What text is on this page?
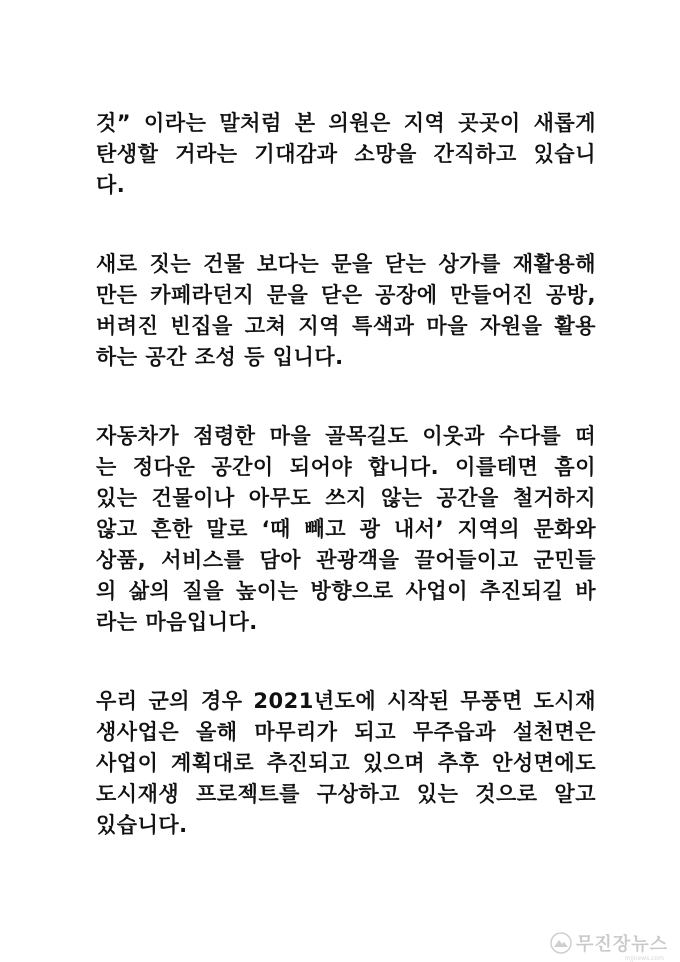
것” 이라는 말처럼 본 의원은 지역 곳곳이 새롭게
탄생할 거라는 기대감과 소망을 간직하고 있습니
다.
새로 짓는 건물 보다는 문을 닫는 상가를 재활용해
만든 카페라던지 문을 닫은 공장에 만들어진 공방,
버려진 빈집을 고쳐 지역 특색과 마을 자원을 활용
하는 공간 조성 등 입니다.
자동차가 점령한 마을 골목길도 이웃과 수다를 떠
는 정다운 공간이 되어야 합니다. 이를테면 흠이
있는 건물이나 아무도 쓰지 않는 공간을 철거하지
않고 흔한 말로 ‘때 빼고 광 내서’ 지역의 문화와
상품, 서비스를 담아 관광객을 끌어들이고 군민들
의 삶의 질을 높이는 방향으로 사업이 추진되길 바
라는 마음입니다.
우리 군의 경우 2021년도에 시작된 무풍면 도시재
생사업은 올해 마무리가 되고 무주읍과 설천면은
사업이 계획대로 추진되고 있으며 추후 안성면에도
도시재생 프로젝트를 구상하고 있는 것으로 알고
있습니다.
무진장뉴스
mjjnews.com
